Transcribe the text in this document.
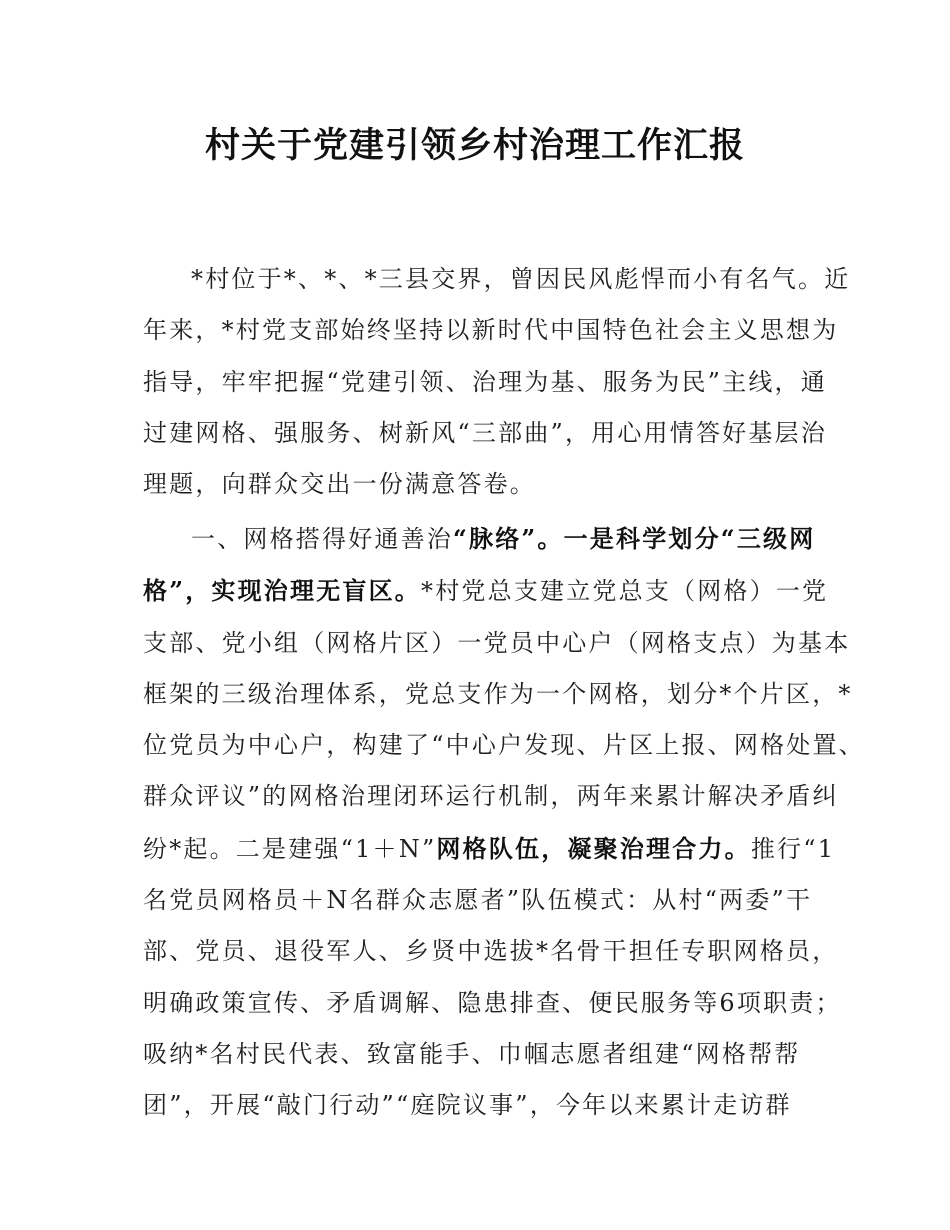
村关于党建引领乡村治理工作汇报
*村位于*、*、*三县交界，曾因民风彪悍而小有名气。近
年来，*村党支部始终坚持以新时代中国特色社会主义思想为
指导，牢牢把握“党建引领、治理为基、服务为民”主线，通
过建网格、强服务、树新风“三部曲”，用心用情答好基层治
理题，向群众交出一份满意答卷。
一、网格搭得好通善治“脉络”。一是科学划分“三级网
格”，实现治理无盲区。*村党总支建立党总支（网格）一党
支部、党小组（网格片区）一党员中心户（网格支点）为基本
框架的三级治理体系，党总支作为一个网格，划分*个片区，*
位党员为中心户，构建了“中心户发现、片区上报、网格处置、
群众评议”的网格治理闭环运行机制，两年来累计解决矛盾纠
纷*起。二是建强“1＋N”网格队伍，凝聚治理合力。推行“1
名党员网格员＋N名群众志愿者”队伍模式：从村“两委”干
部、党员、退役军人、乡贤中选拔*名骨干担任专职网格员，
明确政策宣传、矛盾调解、隐患排查、便民服务等6项职责；
吸纳*名村民代表、致富能手、巾帼志愿者组建“网格帮帮
团”，开展“敲门行动”“庭院议事”，今年以来累计走访群
